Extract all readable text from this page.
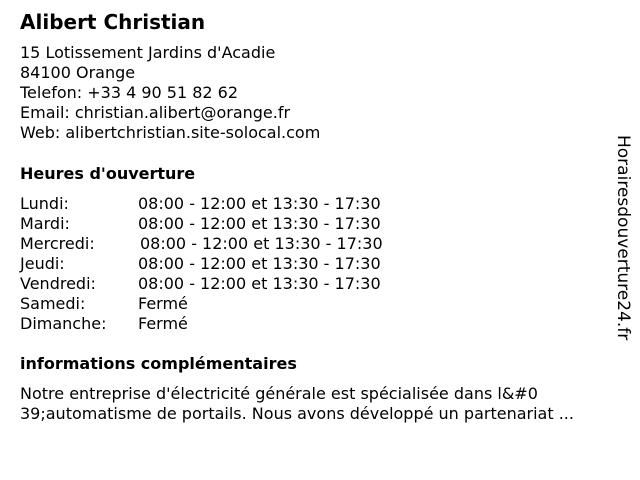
Alibert Christian
15 Lotissement Jardins d'Acadie
84100 Orange
Telefon: +33 4 90 51 82 62
Email: christian.alibert@orange.fr
Web: alibertchristian.site-solocal.com
Heures d'ouverture
Lundi:	08:00 - 12:00 et 13:30 - 17:30
Mardi:	08:00 - 12:00 et 13:30 - 17:30
Mercredi:	08:00 - 12:00 et 13:30 - 17:30
Jeudi:	08:00 - 12:00 et 13:30 - 17:30
Vendredi:	08:00 - 12:00 et 13:30 - 17:30
Samedi:	Fermé
Dimanche: Fermé
informations complémentaires
Notre entreprise d'électricité générale est spécialisée dans l&#0
39;automatisme de portails. Nous avons développé un partenariat ...
Horairesdouverture24.fr
